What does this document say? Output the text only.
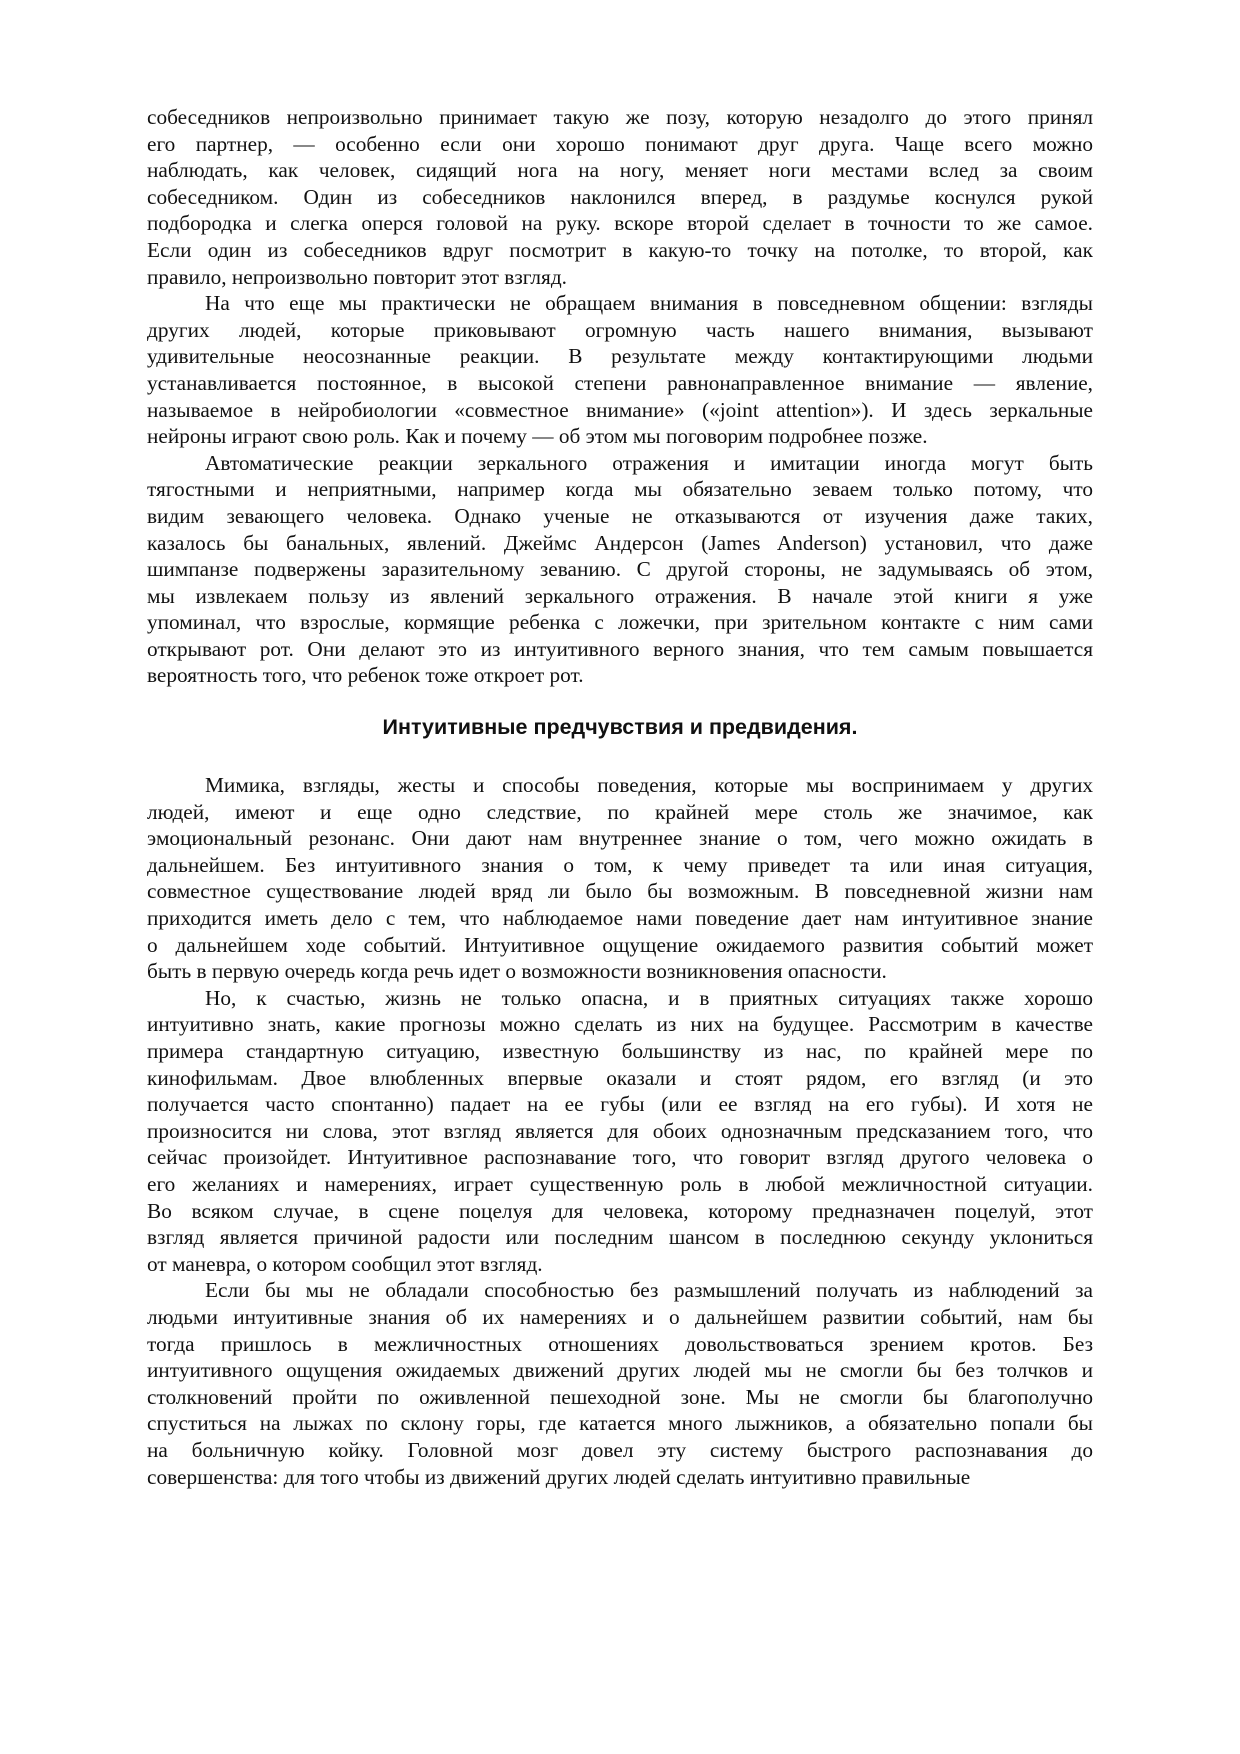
собеседников непроизвольно принимает такую же позу, которую незадолго до этого принял
его партнер, — особенно если они хорошо понимают друг друга. Чаще всего можно
наблюдать, как человек, сидящий нога на ногу, меняет ноги местами вслед за своим
собеседником. Один из собеседников наклонился вперед, в раздумье коснулся рукой
подбородка и слегка оперся головой на руку. вскоре второй сделает в точности то же самое.
Если один из собеседников вдруг посмотрит в какую-то точку на потолке, то второй, как
правило, непроизвольно повторит этот взгляд.
На что еще мы практически не обращаем внимания в повседневном общении: взгляды
других людей, которые приковывают огромную часть нашего внимания, вызывают
удивительные неосознанные реакции. В результате между контактирующими людьми
устанавливается постоянное, в высокой степени равнонаправленное внимание — явление,
называемое в нейробиологии «совместное внимание» («joint attention»). И здесь зеркальные
нейроны играют свою роль. Как и почему — об этом мы поговорим подробнее позже.
Автоматические реакции зеркального отражения и имитации иногда могут быть
тягостными и неприятными, например когда мы обязательно зеваем только потому, что
видим зевающего человека. Однако ученые не отказываются от изучения даже таких,
казалось бы банальных, явлений. Джеймс Андерсон (James Anderson) установил, что даже
шимпанзе подвержены заразительному зеванию. С другой стороны, не задумываясь об этом,
мы извлекаем пользу из явлений зеркального отражения. В начале этой книги я уже
упоминал, что взрослые, кормящие ребенка с ложечки, при зрительном контакте с ним сами
открывают рот. Они делают это из интуитивного верного знания, что тем самым повышается
вероятность того, что ребенок тоже откроет рот.
Интуитивные предчувствия и предвидения.
Мимика, взгляды, жесты и способы поведения, которые мы воспринимаем у других
людей, имеют и еще одно следствие, по крайней мере столь же значимое, как
эмоциональный резонанс. Они дают нам внутреннее знание о том, чего можно ожидать в
дальнейшем. Без интуитивного знания о том, к чему приведет та или иная ситуация,
совместное существование людей вряд ли было бы возможным. В повседневной жизни нам
приходится иметь дело с тем, что наблюдаемое нами поведение дает нам интуитивное знание
о дальнейшем ходе событий. Интуитивное ощущение ожидаемого развития событий может
быть в первую очередь когда речь идет о возможности возникновения опасности.
Но, к счастью, жизнь не только опасна, и в приятных ситуациях также хорошо
интуитивно знать, какие прогнозы можно сделать из них на будущее. Рассмотрим в качестве
примера стандартную ситуацию, известную большинству из нас, по крайней мере по
кинофильмам. Двое влюбленных впервые оказали и стоят рядом, его взгляд (и это
получается часто спонтанно) падает на ее губы (или ее взгляд на его губы). И хотя не
произносится ни слова, этот взгляд является для обоих однозначным предсказанием того, что
сейчас произойдет. Интуитивное распознавание того, что говорит взгляд другого человека о
его желаниях и намерениях, играет существенную роль в любой межличностной ситуации.
Во всяком случае, в сцене поцелуя для человека, которому предназначен поцелуй, этот
взгляд является причиной радости или последним шансом в последнюю секунду уклониться
от маневра, о котором сообщил этот взгляд.
Если бы мы не обладали способностью без размышлений получать из наблюдений за
людьми интуитивные знания об их намерениях и о дальнейшем развитии событий, нам бы
тогда пришлось в межличностных отношениях довольствоваться зрением кротов. Без
интуитивного ощущения ожидаемых движений других людей мы не смогли бы без толчков и
столкновений пройти по оживленной пешеходной зоне. Мы не смогли бы благополучно
спуститься на лыжах по склону горы, где катается много лыжников, а обязательно попали бы
на больничную койку. Головной мозг довел эту систему быстрого распознавания до
совершенства: для того чтобы из движений других людей сделать интуитивно правильные
